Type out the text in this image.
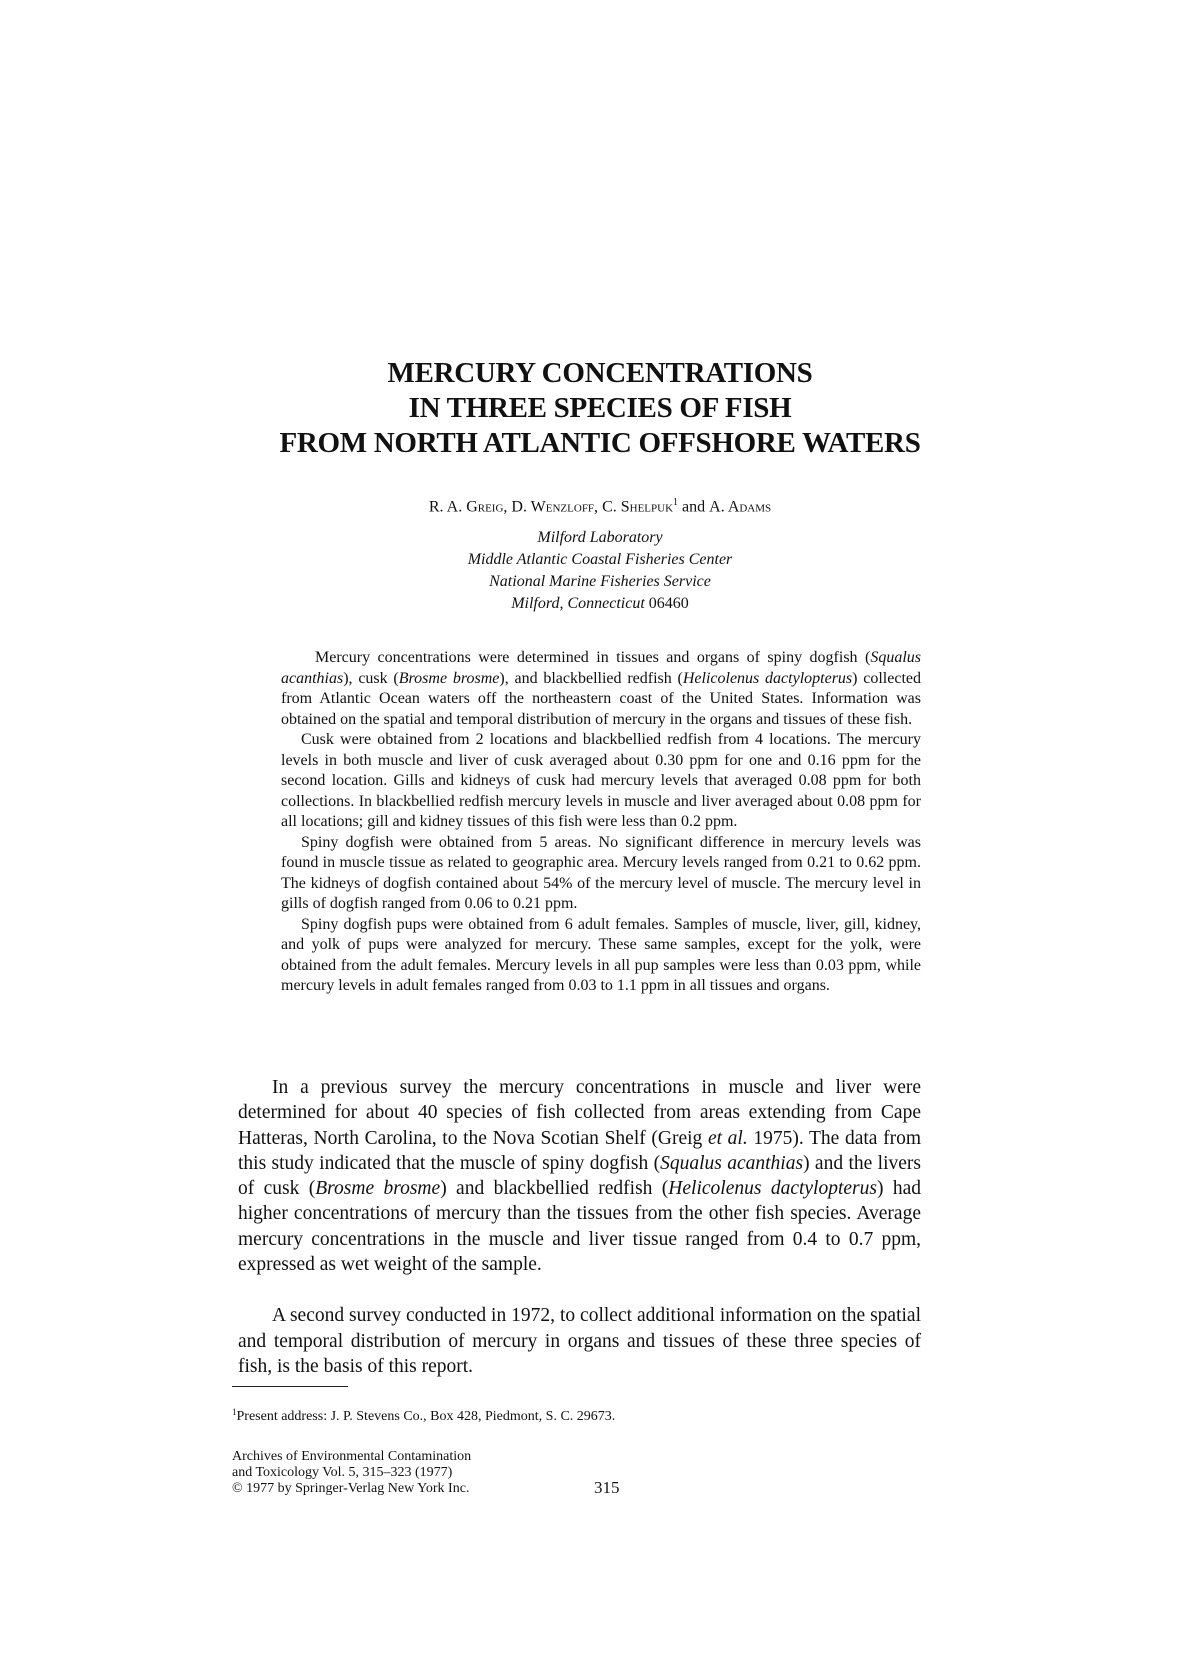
MERCURY CONCENTRATIONS
IN THREE SPECIES OF FISH
FROM NORTH ATLANTIC OFFSHORE WATERS
R. A. Greig, D. Wenzloff, C. Shelpuk$^1$ and A. Adams
Milford Laboratory
Middle Atlantic Coastal Fisheries Center
National Marine Fisheries Service
Milford, Connecticut 06460

Mercury concentrations were determined in tissues and organs of spiny dogfish (Squalus acanthias), cusk (Brosme brosme), and blackbellied redfish (Helicolenus dactylopterus) collected from Atlantic Ocean waters off the northeastern coast of the United States. Information was obtained on the spatial and temporal distribution of mercury in the organs and tissues of these fish.

Cusk were obtained from 2 locations and blackbellied redfish from 4 locations. The mercury levels in both muscle and liver of cusk averaged about 0.30 ppm for one and 0.16 ppm for the second location. Gills and kidneys of cusk had mercury levels that averaged 0.08 ppm for both collections. In blackbellied redfish mercury levels in muscle and liver averaged about 0.08 ppm for all locations; gill and kidney tissues of this fish were less than 0.2 ppm.

Spiny dogfish were obtained from 5 areas. No significant difference in mercury levels was found in muscle tissue as related to geographic area. Mercury levels ranged from 0.21 to 0.62 ppm. The kidneys of dogfish contained about 54% of the mercury level of muscle. The mercury level in gills of dogfish ranged from 0.06 to 0.21 ppm.

Spiny dogfish pups were obtained from 6 adult females. Samples of muscle, liver, gill, kidney, and yolk of pups were analyzed for mercury. These same samples, except for the yolk, were obtained from the adult females. Mercury levels in all pup samples were less than 0.03 ppm, while mercury levels in adult females ranged from 0.03 to 1.1 ppm in all tissues and organs.

In a previous survey the mercury concentrations in muscle and liver were determined for about 40 species of fish collected from areas extending from Cape Hatteras, North Carolina, to the Nova Scotian Shelf (Greig et al. 1975). The data from this study indicated that the muscle of spiny dogfish (Squalus acanthias) and the livers of cusk (Brosme brosme) and blackbellied redfish (Helicolenus dactylopterus) had higher concentrations of mercury than the tissues from the other fish species. Average mercury concentrations in the muscle and liver tissue ranged from 0.4 to 0.7 ppm, expressed as wet weight of the sample.

A second survey conducted in 1972, to collect additional information on the spatial and temporal distribution of mercury in organs and tissues of these three species of fish, is the basis of this report.

$^1$Present address: J. P. Stevens Co., Box 428, Piedmont, S. C. 29673.
Archives of Environmental Contamination
and Toxicology Vol. 5, 315–323 (1977)
© 1977 by Springer-Verlag New York Inc.	315
